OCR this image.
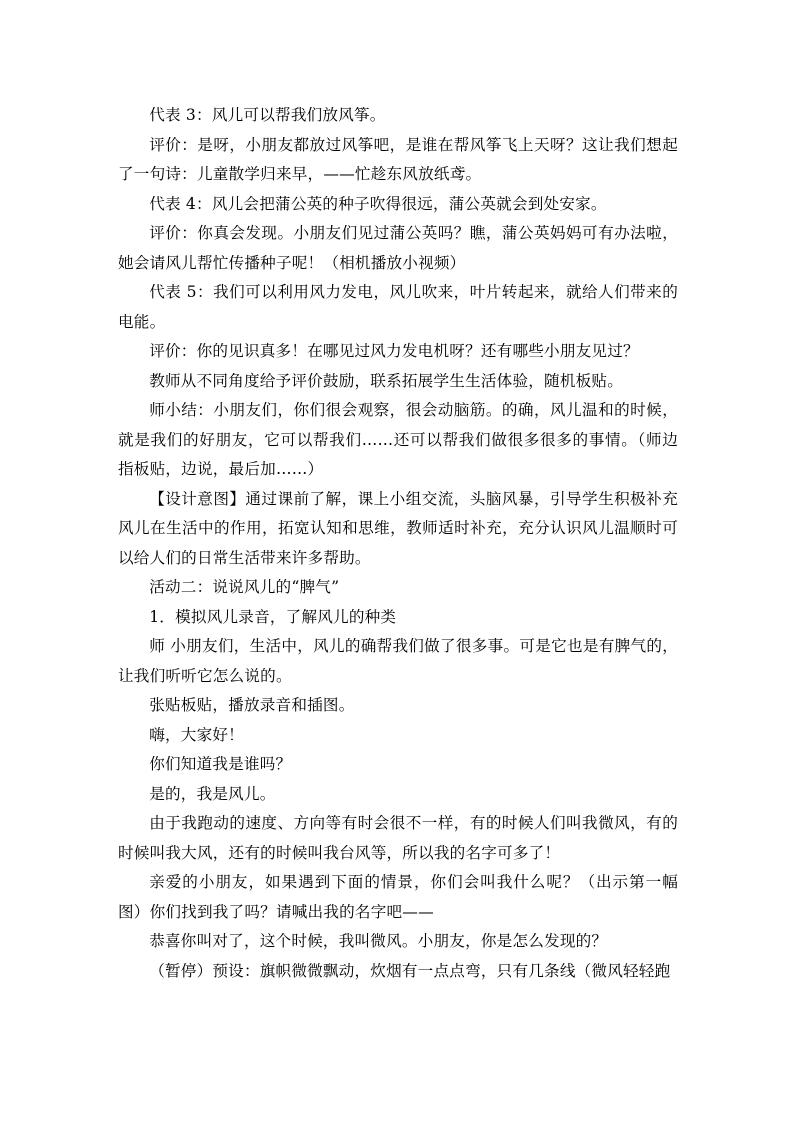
代表 3：风儿可以帮我们放风筝。

评价：是呀，小朋友都放过风筝吧，是谁在帮风筝飞上天呀？这让我们想起了一句诗：儿童散学归来早，——忙趁东风放纸鸢。

代表 4：风儿会把蒲公英的种子吹得很远，蒲公英就会到处安家。

评价：你真会发现。小朋友们见过蒲公英吗？瞧，蒲公英妈妈可有办法啦，她会请风儿帮忙传播种子呢！（相机播放小视频）

代表 5：我们可以利用风力发电，风儿吹来，叶片转起来，就给人们带来的电能。

评价：你的见识真多！在哪见过风力发电机呀？还有哪些小朋友见过？

教师从不同角度给予评价鼓励，联系拓展学生生活体验，随机板贴。

师小结：小朋友们，你们很会观察，很会动脑筋。的确，风儿温和的时候，就是我们的好朋友，它可以帮我们……还可以帮我们做很多很多的事情。（师边指板贴，边说，最后加……）

【设计意图】通过课前了解，课上小组交流，头脑风暴，引导学生积极补充风儿在生活中的作用，拓宽认知和思维，教师适时补充，充分认识风儿温顺时可以给人们的日常生活带来许多帮助。

活动二：说说风儿的“脾气”

1．模拟风儿录音，了解风儿的种类

师 小朋友们，生活中，风儿的确帮我们做了很多事。可是它也是有脾气的，让我们听听它怎么说的。

张贴板贴，播放录音和插图。

嗨，大家好！

你们知道我是谁吗？

是的，我是风儿。

由于我跑动的速度、方向等有时会很不一样，有的时候人们叫我微风，有的时候叫我大风，还有的时候叫我台风等，所以我的名字可多了！

亲爱的小朋友，如果遇到下面的情景，你们会叫我什么呢？（出示第一幅图）你们找到我了吗？请喊出我的名字吧——

恭喜你叫对了，这个时候，我叫微风。小朋友，你是怎么发现的？

（暂停）预设：旗帜微微飘动，炊烟有一点点弯，只有几条线（微风轻轻跑
